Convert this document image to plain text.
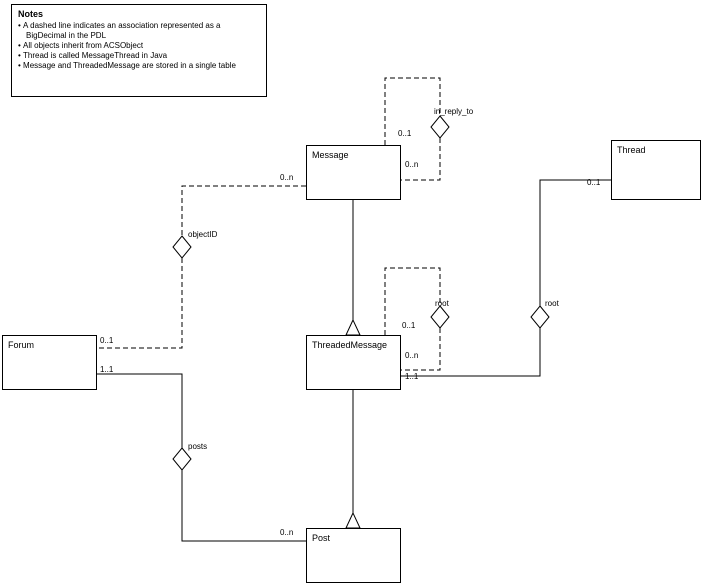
Notes
• A dashed line indicates an association represented as a BigDecimal in the PDL
• All objects inherit from ACSObject
• Thread is called MessageThread in Java
• Message and ThreadedMessage are stored in a single table
Message	Thread
Forum	ThreadedMessage
Post
in_reply_to
objectID
root	root
posts
0..1
0..n
0..n
0..1
0..1
0..n
1..1
0..1
1..1
0..n
